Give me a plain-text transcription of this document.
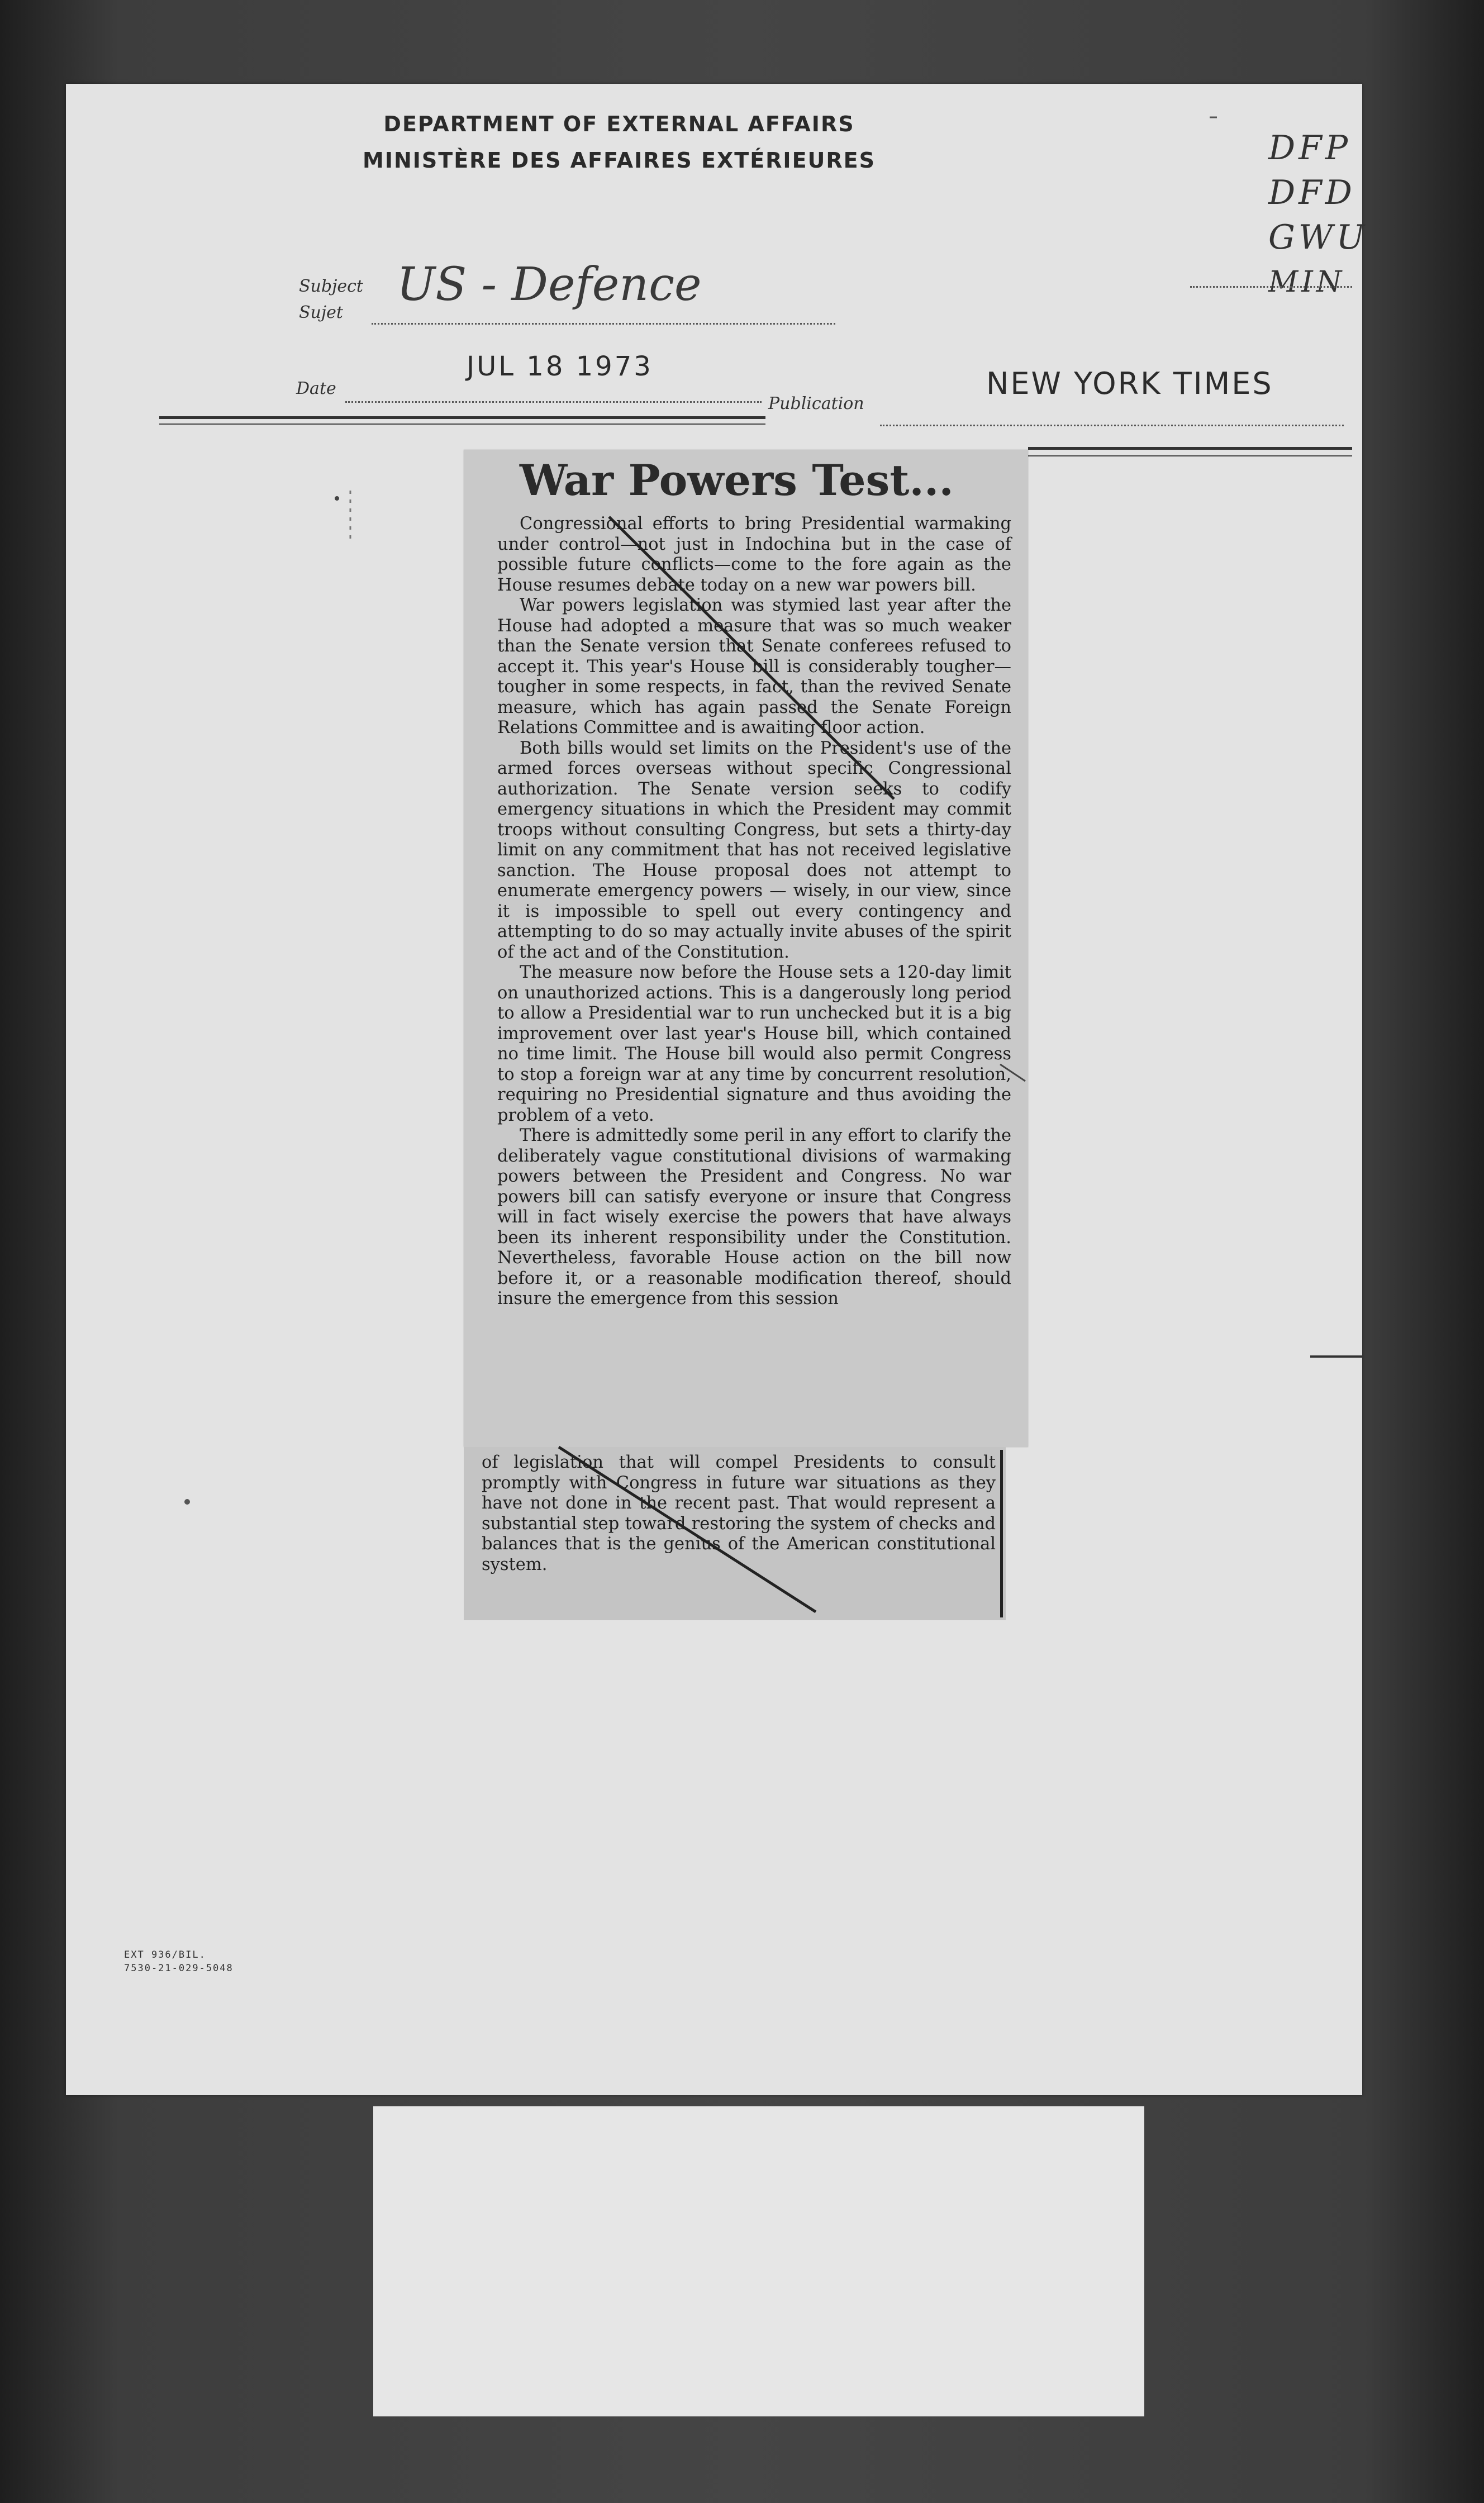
DEPARTMENT OF EXTERNAL AFFAIRS
MINISTÈRE DES AFFAIRES EXTÉRIEURES	DFP
DFD
GWU
MIN
Subject
Sujet
US - Defence
Date
JUL 18 1973
Publication
NEW YORK TIMES
War Powers Test...

Congressional efforts to bring Presidential warmaking under control—not just in Indochina but in the case of possible future conflicts—come to the fore again as the House resumes debate today on a new war powers bill.

War powers legislation was stymied last year after the House had adopted a measure that was so much weaker than the Senate version that Senate conferees refused to accept it. This year's House bill is considerably tougher—tougher in some respects, in fact, than the revived Senate measure, which has again passed the Senate Foreign Relations Committee and is awaiting floor action.

Both bills would set limits on the President's use of the armed forces overseas without specific Congressional authorization. The Senate version seeks to codify emergency situations in which the President may commit troops without consulting Congress, but sets a thirty-day limit on any commitment that has not received legislative sanction. The House proposal does not attempt to enumerate emergency powers — wisely, in our view, since it is impossible to spell out every contingency and attempting to do so may actually invite abuses of the spirit of the act and of the Constitution.

The measure now before the House sets a 120-day limit on unauthorized actions. This is a dangerously long period to allow a Presidential war to run unchecked but it is a big improvement over last year's House bill, which contained no time limit. The House bill would also permit Congress to stop a foreign war at any time by concurrent resolution, requiring no Presidential signature and thus avoiding the problem of a veto.

There is admittedly some peril in any effort to clarify the deliberately vague constitutional divisions of warmaking powers between the President and Congress. No war powers bill can satisfy everyone or insure that Congress will in fact wisely exercise the powers that have always been its inherent responsibility under the Constitution. Nevertheless, favorable House action on the bill now before it, or a reasonable modification thereof, should insure the emergence from this session

of legislation that will compel Presidents to consult promptly with Congress in future war situations as they have not done in the recent past. That would represent a substantial step toward restoring the system of checks and balances that is the genius of the American constitutional system.

EXT 936/BIL.
7530-21-029-5048
